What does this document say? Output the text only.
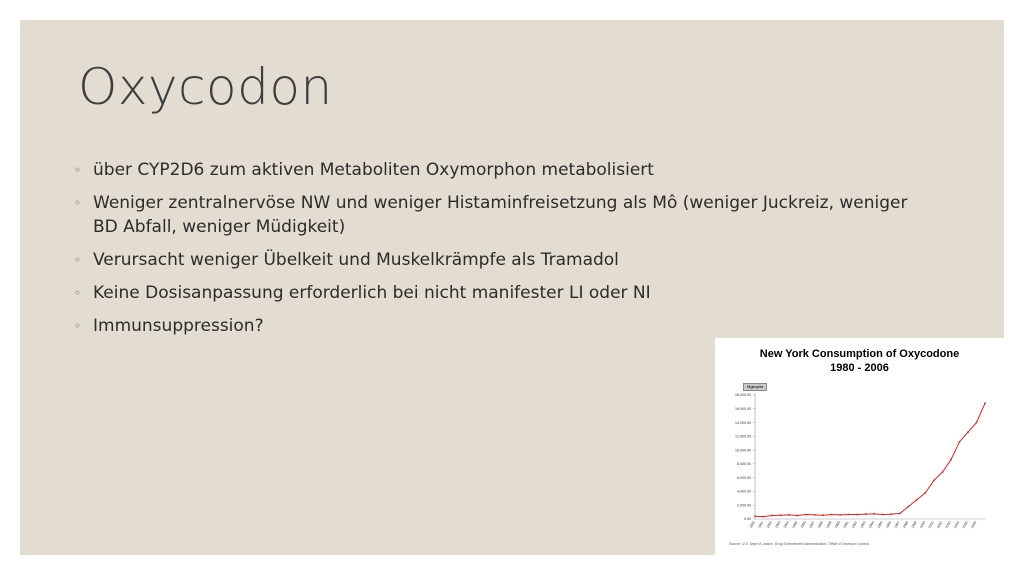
Oxycodon
◦ über CYP2D6 zum aktiven Metaboliten Oxymorphon metabolisiert
◦ Weniger zentralnervöse NW und weniger Histaminfreisetzung als Mô (weniger Juckreiz, weniger BD Abfall, weniger Müdigkeit)
◦ Verursacht weniger Übelkeit und Muskelkrämpfe als Tramadol
◦ Keine Dosisanpassung erforderlich bei nicht manifester LI oder NI
◦ Immunsuppression?
0.00
2,000.00
4,000.00
6,000.00
8,000.00
10,000.00
12,000.00
14,000.00
16,000.00
18,000.00
1980 1981 1982 1983 1984 1985 1986 1987 1988 1989 1990 1991 1992 1993 1994 1995 1996 1997 1998 1999 2000 2001 2002 2003 2004 2005 2006
New York Consumption of Oxycodone
1980 - 2006
Mgkapita
Source: U.S. Dept of Justice, Drug Enforcement Administration, Office of Diversion Control
